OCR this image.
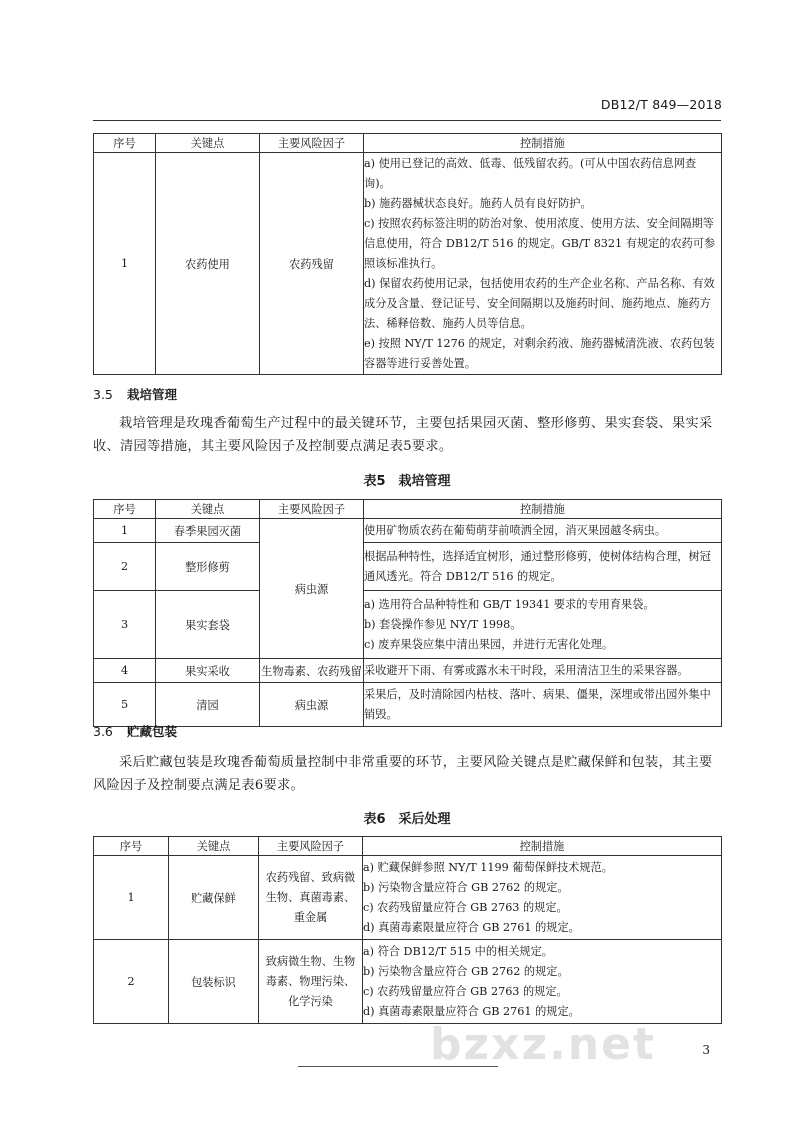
DB12/T 849—2018
序号	关键点	主要风险因子	控制措施
1	农药使用	农药残留	a) 使用已登记的高效、低毒、低残留农药。(可从中国农药信息网查询)。
b) 施药器械状态良好。施药人员有良好防护。
c) 按照农药标签注明的防治对象、使用浓度、使用方法、安全间隔期等信息使用，符合 DB12/T 516 的规定。GB/T 8321 有规定的农药可参照该标准执行。
d) 保留农药使用记录，包括使用农药的生产企业名称、产品名称、有效成分及含量、登记证号、安全间隔期以及施药时间、施药地点、施药方法、稀释倍数、施药人员等信息。
e) 按照 NY/T 1276 的规定，对剩余药液、施药器械清洗液、农药包装容器等进行妥善处置。
3.5 栽培管理

栽培管理是玫瑰香葡萄生产过程中的最关键环节，主要包括果园灭菌、整形修剪、果实套袋、果实采收、清园等措施，其主要风险因子及控制要点满足表5要求。

表5　栽培管理
序号	关键点	主要风险因子	控制措施
1	春季果园灭菌	病虫源	使用矿物质农药在葡萄萌芽前喷洒全园，消灭果园越冬病虫。

2	整形修剪		根据品种特性，选择适宜树形，通过整形修剪，使树体结构合理，树冠通风透光。符合 DB12/T 516 的规定。

3	果实套袋		a) 选用符合品种特性和 GB/T 19341 要求的专用育果袋。
b) 套袋操作参见 NY/T 1998。
c) 废弃果袋应集中清出果园，并进行无害化处理。

4	果实采收	生物毒素、农药残留	采收避开下雨、有雾或露水未干时段，采用清洁卫生的采果容器。

5	清园	病虫源	采果后，及时清除园内枯枝、落叶、病果、僵果，深埋或带出园外集中销毁。
3.6 贮藏包装

采后贮藏包装是玫瑰香葡萄质量控制中非常重要的环节，主要风险关键点是贮藏保鲜和包装，其主要风险因子及控制要点满足表6要求。

表6　采后处理
序号	关键点	主要风险因子	控制措施
1	贮藏保鲜	农药残留、致病微生物、真菌毒素、重金属	a) 贮藏保鲜参照 NY/T 1199 葡萄保鲜技术规范。
b) 污染物含量应符合 GB 2762 的规定。
c) 农药残留量应符合 GB 2763 的规定。
d) 真菌毒素限量应符合 GB 2761 的规定。

2	包装标识	致病微生物、生物毒素、物理污染、化学污染	a) 符合 DB12/T 515 中的相关规定。
b) 污染物含量应符合 GB 2762 的规定。
c) 农药残留量应符合 GB 2763 的规定。
d) 真菌毒素限量应符合 GB 2761 的规定。
bzxz.net	3
